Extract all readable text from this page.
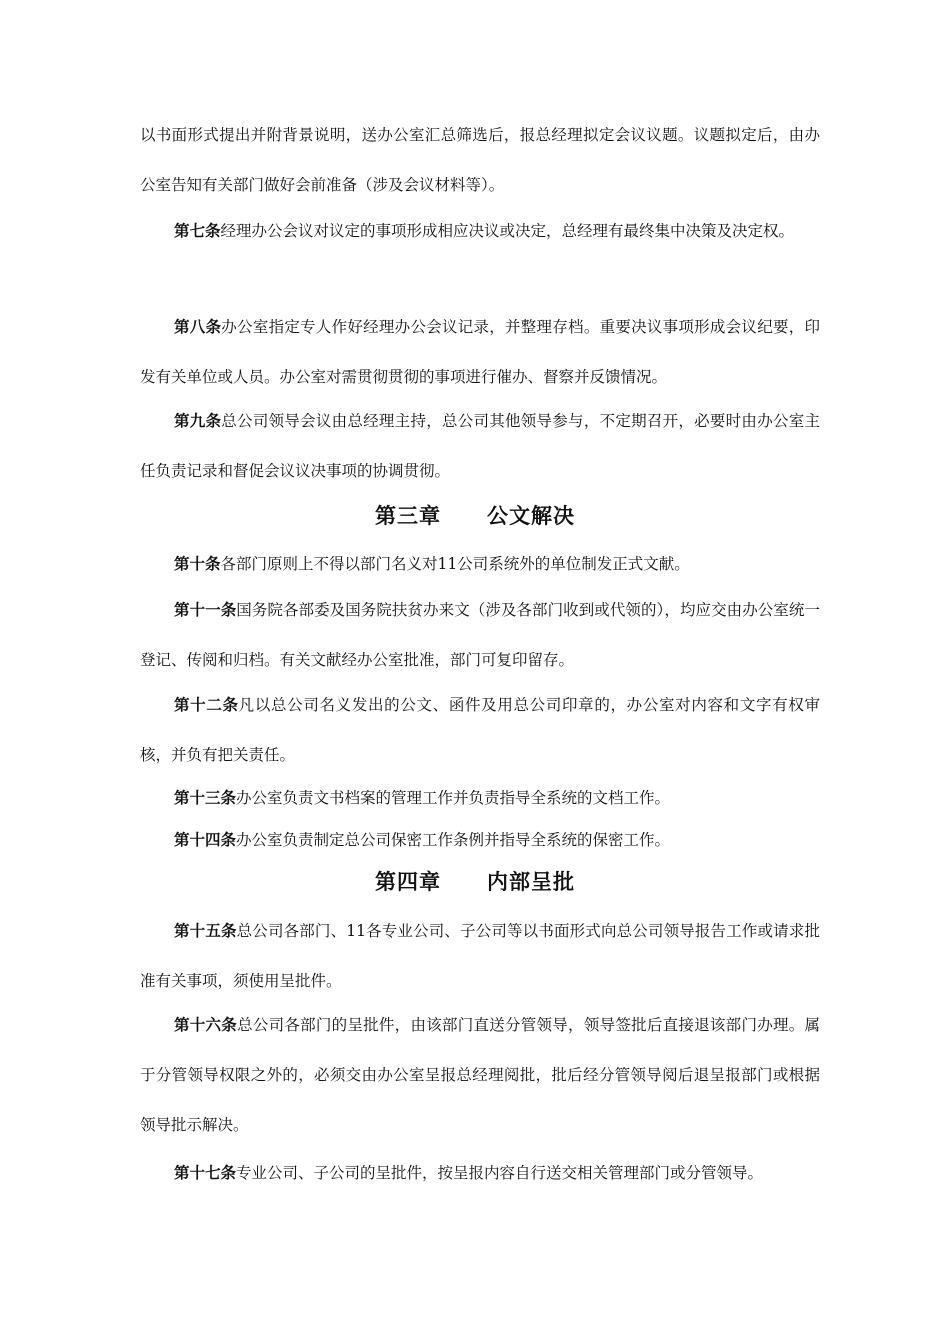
以书面形式提出并附背景说明，送办公室汇总筛选后，报总经理拟定会议议题。议题拟定后，由办公室告知有关部门做好会前准备（涉及会议材料等）。

第七条经理办公会议对议定的事项形成相应决议或决定，总经理有最终集中决策及决定权。

第八条办公室指定专人作好经理办公会议记录，并整理存档。重要决议事项形成会议纪要，印发有关单位或人员。办公室对需贯彻贯彻的事项进行催办、督察并反馈情况。

第九条总公司领导会议由总经理主持，总公司其他领导参与，不定期召开，必要时由办公室主任负责记录和督促会议议决事项的协调贯彻。

第三章 公文解决

第十条各部门原则上不得以部门名义对11公司系统外的单位制发正式文献。

第十一条国务院各部委及国务院扶贫办来文（涉及各部门收到或代领的），均应交由办公室统一登记、传阅和归档。有关文献经办公室批准，部门可复印留存。

第十二条凡以总公司名义发出的公文、函件及用总公司印章的，办公室对内容和文字有权审核，并负有把关责任。

第十三条办公室负责文书档案的管理工作并负责指导全系统的文档工作。

第十四条办公室负责制定总公司保密工作条例并指导全系统的保密工作。

第四章 内部呈批

第十五条总公司各部门、11各专业公司、子公司等以书面形式向总公司领导报告工作或请求批准有关事项，须使用呈批件。

第十六条总公司各部门的呈批件，由该部门直送分管领导，领导签批后直接退该部门办理。属于分管领导权限之外的，必须交由办公室呈报总经理阅批，批后经分管领导阅后退呈报部门或根据领导批示解决。

第十七条专业公司、子公司的呈批件，按呈报内容自行送交相关管理部门或分管领导。
